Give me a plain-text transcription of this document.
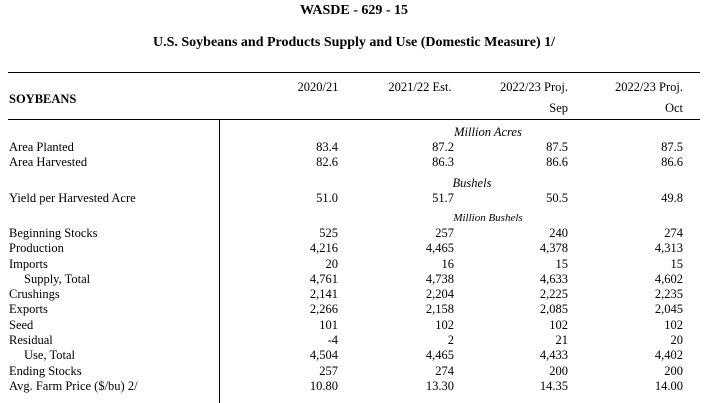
WASDE - 629 - 15
U.S. Soybeans and Products Supply and Use (Domestic Measure) 1/
SOYBEANS
2020/21	2021/22 Est.	2022/23 Proj.
Sep
2022/23 Proj.
Oct
Million Acres
Bushels
Million Bushels
Area Planted
Area Harvested
Yield per Harvested Acre
Beginning Stocks
Production
Imports
Supply, Total
Crushings
Exports
Seed
Residual
Use, Total
Ending Stocks
Avg. Farm Price ($/bu) 2/
83.4
82.6
51.0
525
4,216
20
4,761
2,141
2,266
101
-4
4,504
257
10.80
87.2
86.3
51.7
257
4,465
16
4,738
2,204
2,158
102
2
4,465
274
13.30
87.5
86.6
50.5
240
4,378
15
4,633
2,225
2,085
102
21
4,433
200
14.35
87.5
86.6
49.8
274
4,313
15
4,602
2,235
2,045
102
20
4,402
200
14.00
